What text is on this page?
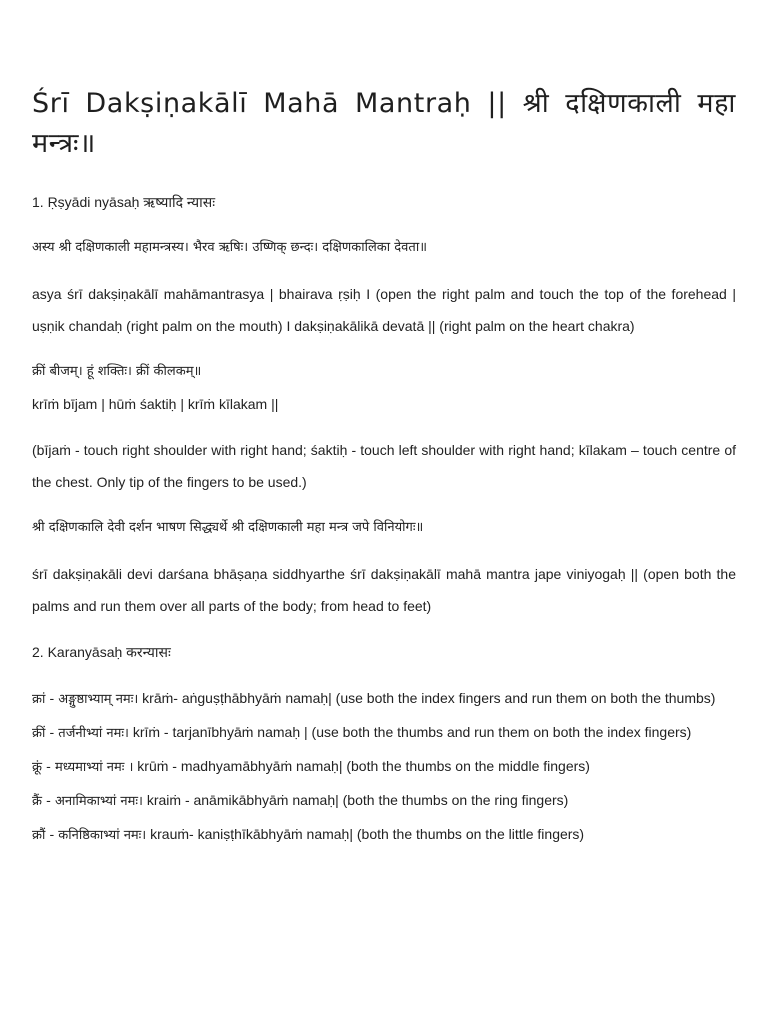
Śrī Dakṣiṇakālī Mahā Mantraḥ || श्री दक्षिणकाली महा मन्त्रः॥

1. Ṛṣyādi nyāsaḥ ऋष्यादि न्यासः

अस्य श्री दक्षिणकाली महामन्त्रस्य। भैरव ऋषिः। उष्णिक् छन्दः। दक्षिणकालिका देवता॥

asya śrī dakṣiṇakālī mahāmantrasya | bhairava ṛṣiḥ I (open the right palm and touch the top of the forehead | uṣṇik chandaḥ (right palm on the mouth) I dakṣiṇakālikā devatā || (right palm on the heart chakra)

क्रीं बीजम्। हूं शक्तिः। क्रीं कीलकम्॥
krīṁ bījam | hūṁ śaktiḥ | krīṁ kīlakam ||

(bījaṁ - touch right shoulder with right hand; śaktiḥ - touch left shoulder with right hand; kīlakam – touch centre of the chest. Only tip of the fingers to be used.)

श्री दक्षिणकालि देवी दर्शन भाषण सिद्ध्यर्थे श्री दक्षिणकाली महा मन्त्र जपे विनियोगः॥

śrī dakṣiṇakāli devi darśana bhāṣaṇa siddhyarthe śrī dakṣiṇakālī mahā mantra jape viniyogaḥ || (open both the palms and run them over all parts of the body; from head to feet)

2. Karanyāsaḥ करन्यासः

क्रां - अङ्गुष्ठाभ्याम् नमः। krāṁ- aṅguṣṭhābhyāṁ namaḥ| (use both the index fingers and run them on both the thumbs)

क्रीं - तर्जनीभ्यां नमः। krīṁ - tarjanībhyāṁ namaḥ | (use both the thumbs and run them on both the index fingers)

क्रूं - मध्यमाभ्यां नमः । krūṁ - madhyamābhyāṁ namaḥ| (both the thumbs on the middle fingers)

क्रैं - अनामिकाभ्यां नमः। kraiṁ - anāmikābhyāṁ namaḥ| (both the thumbs on the ring fingers)

क्रौं - कनिष्ठिकाभ्यां नमः। krauṁ- kaniṣṭhīkābhyāṁ namaḥ| (both the thumbs on the little fingers)
